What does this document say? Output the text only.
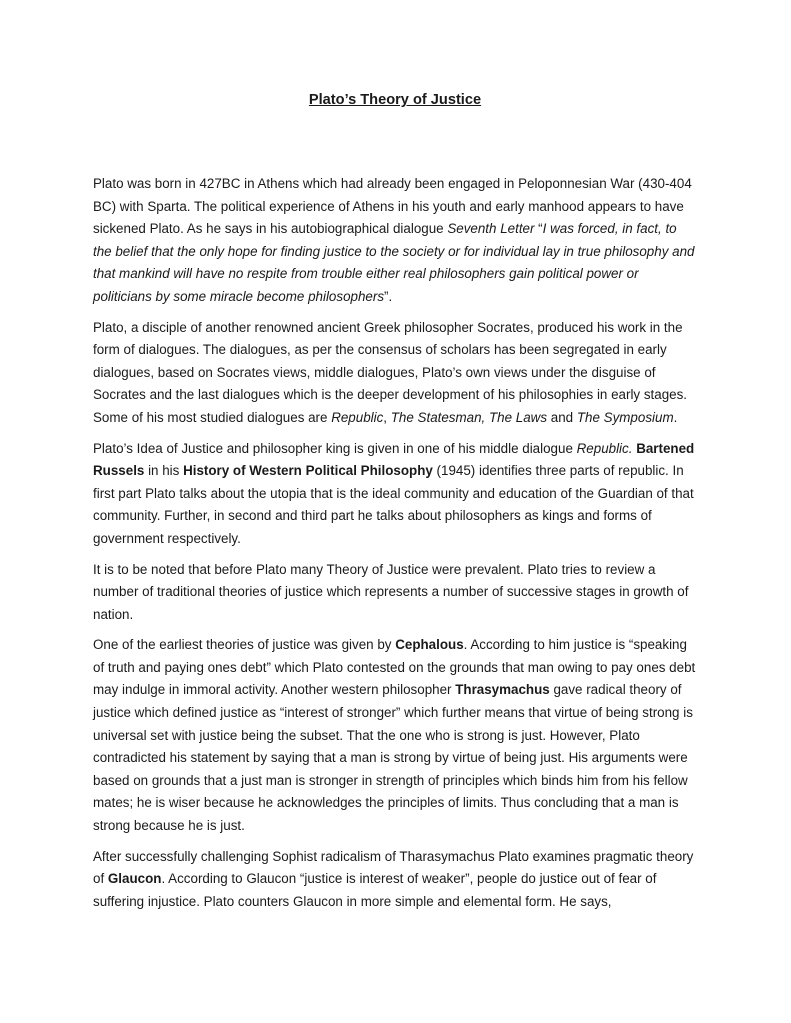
Plato’s Theory of Justice

Plato was born in 427BC in Athens which had already been engaged in Peloponnesian War (430-404 BC) with Sparta. The political experience of Athens in his youth and early manhood appears to have sickened Plato. As he says in his autobiographical dialogue Seventh Letter “I was forced, in fact, to the belief that the only hope for finding justice to the society or for individual lay in true philosophy and that mankind will have no respite from trouble either real philosophers gain political power or politicians by some miracle become philosophers”.

Plato, a disciple of another renowned ancient Greek philosopher Socrates, produced his work in the form of dialogues. The dialogues, as per the consensus of scholars has been segregated in early dialogues, based on Socrates views, middle dialogues, Plato’s own views under the disguise of Socrates and the last dialogues which is the deeper development of his philosophies in early stages. Some of his most studied dialogues are Republic, The Statesman, The Laws and The Symposium.

Plato’s Idea of Justice and philosopher king is given in one of his middle dialogue Republic. Bartened Russels in his History of Western Political Philosophy (1945) identifies three parts of republic. In first part Plato talks about the utopia that is the ideal community and education of the Guardian of that community. Further, in second and third part he talks about philosophers as kings and forms of government respectively.

It is to be noted that before Plato many Theory of Justice were prevalent. Plato tries to review a number of traditional theories of justice which represents a number of successive stages in growth of nation.

One of the earliest theories of justice was given by Cephalous. According to him justice is “speaking of truth and paying ones debt” which Plato contested on the grounds that man owing to pay ones debt may indulge in immoral activity. Another western philosopher Thrasymachus gave radical theory of justice which defined justice as “interest of stronger” which further means that virtue of being strong is universal set with justice being the subset. That the one who is strong is just. However, Plato contradicted his statement by saying that a man is strong by virtue of being just. His arguments were based on grounds that a just man is stronger in strength of principles which binds him from his fellow mates; he is wiser because he acknowledges the principles of limits. Thus concluding that a man is strong because he is just.

After successfully challenging Sophist radicalism of Tharasymachus Plato examines pragmatic theory of Glaucon. According to Glaucon “justice is interest of weaker”, people do justice out of fear of suffering injustice. Plato counters Glaucon in more simple and elemental form. He says,
